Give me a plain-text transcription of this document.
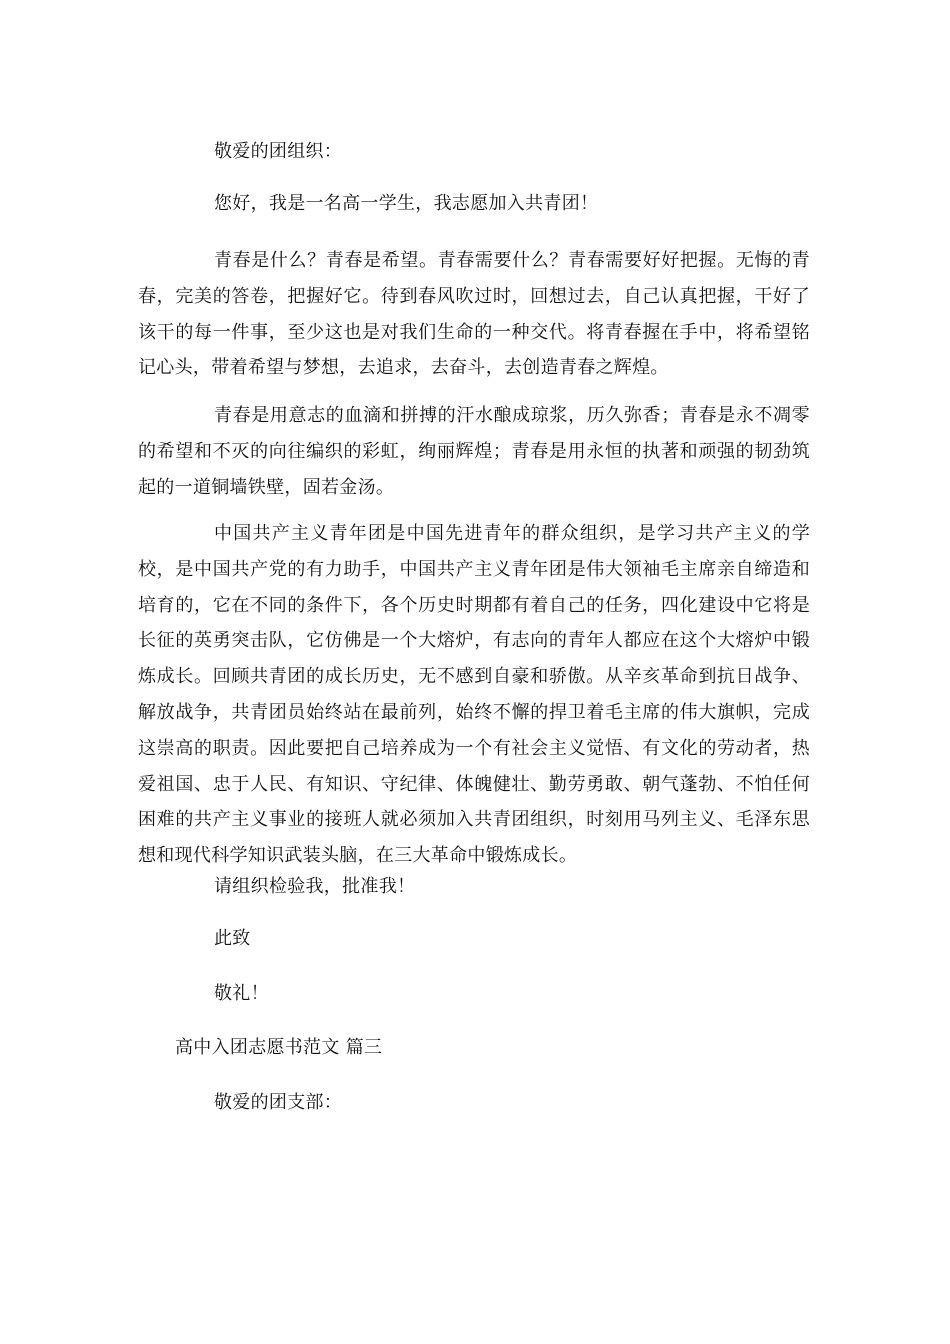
敬爱的团组织：
您好，我是一名高一学生，我志愿加入共青团！
青春是什么？青春是希望。青春需要什么？青春需要好好把握。无悔的青春，完美的答卷，把握好它。待到春风吹过时，回想过去，自己认真把握，干好了该干的每一件事，至少这也是对我们生命的一种交代。将青春握在手中，将希望铭记心头，带着希望与梦想，去追求，去奋斗，去创造青春之辉煌。
青春是用意志的血滴和拼搏的汗水酿成琼浆，历久弥香；青春是永不凋零的希望和不灭的向往编织的彩虹，绚丽辉煌；青春是用永恒的执著和顽强的韧劲筑起的一道铜墙铁壁，固若金汤。
中国共产主义青年团是中国先进青年的群众组织，是学习共产主义的学校，是中国共产党的有力助手，中国共产主义青年团是伟大领袖毛主席亲自缔造和培育的，它在不同的条件下，各个历史时期都有着自己的任务，四化建设中它将是长征的英勇突击队，它仿佛是一个大熔炉，有志向的青年人都应在这个大熔炉中锻炼成长。回顾共青团的成长历史，无不感到自豪和骄傲。从辛亥革命到抗日战争、解放战争，共青团员始终站在最前列，始终不懈的捍卫着毛主席的伟大旗帜，完成这崇高的职责。因此要把自己培养成为一个有社会主义觉悟、有文化的劳动者，热爱祖国、忠于人民、有知识、守纪律、体魄健壮、勤劳勇敢、朝气蓬勃、不怕任何困难的共产主义事业的接班人就必须加入共青团组织，时刻用马列主义、毛泽东思想和现代科学知识武装头脑，在三大革命中锻炼成长。
请组织检验我，批准我！
此致
敬礼！
高中入团志愿书范文 篇三
敬爱的团支部：
